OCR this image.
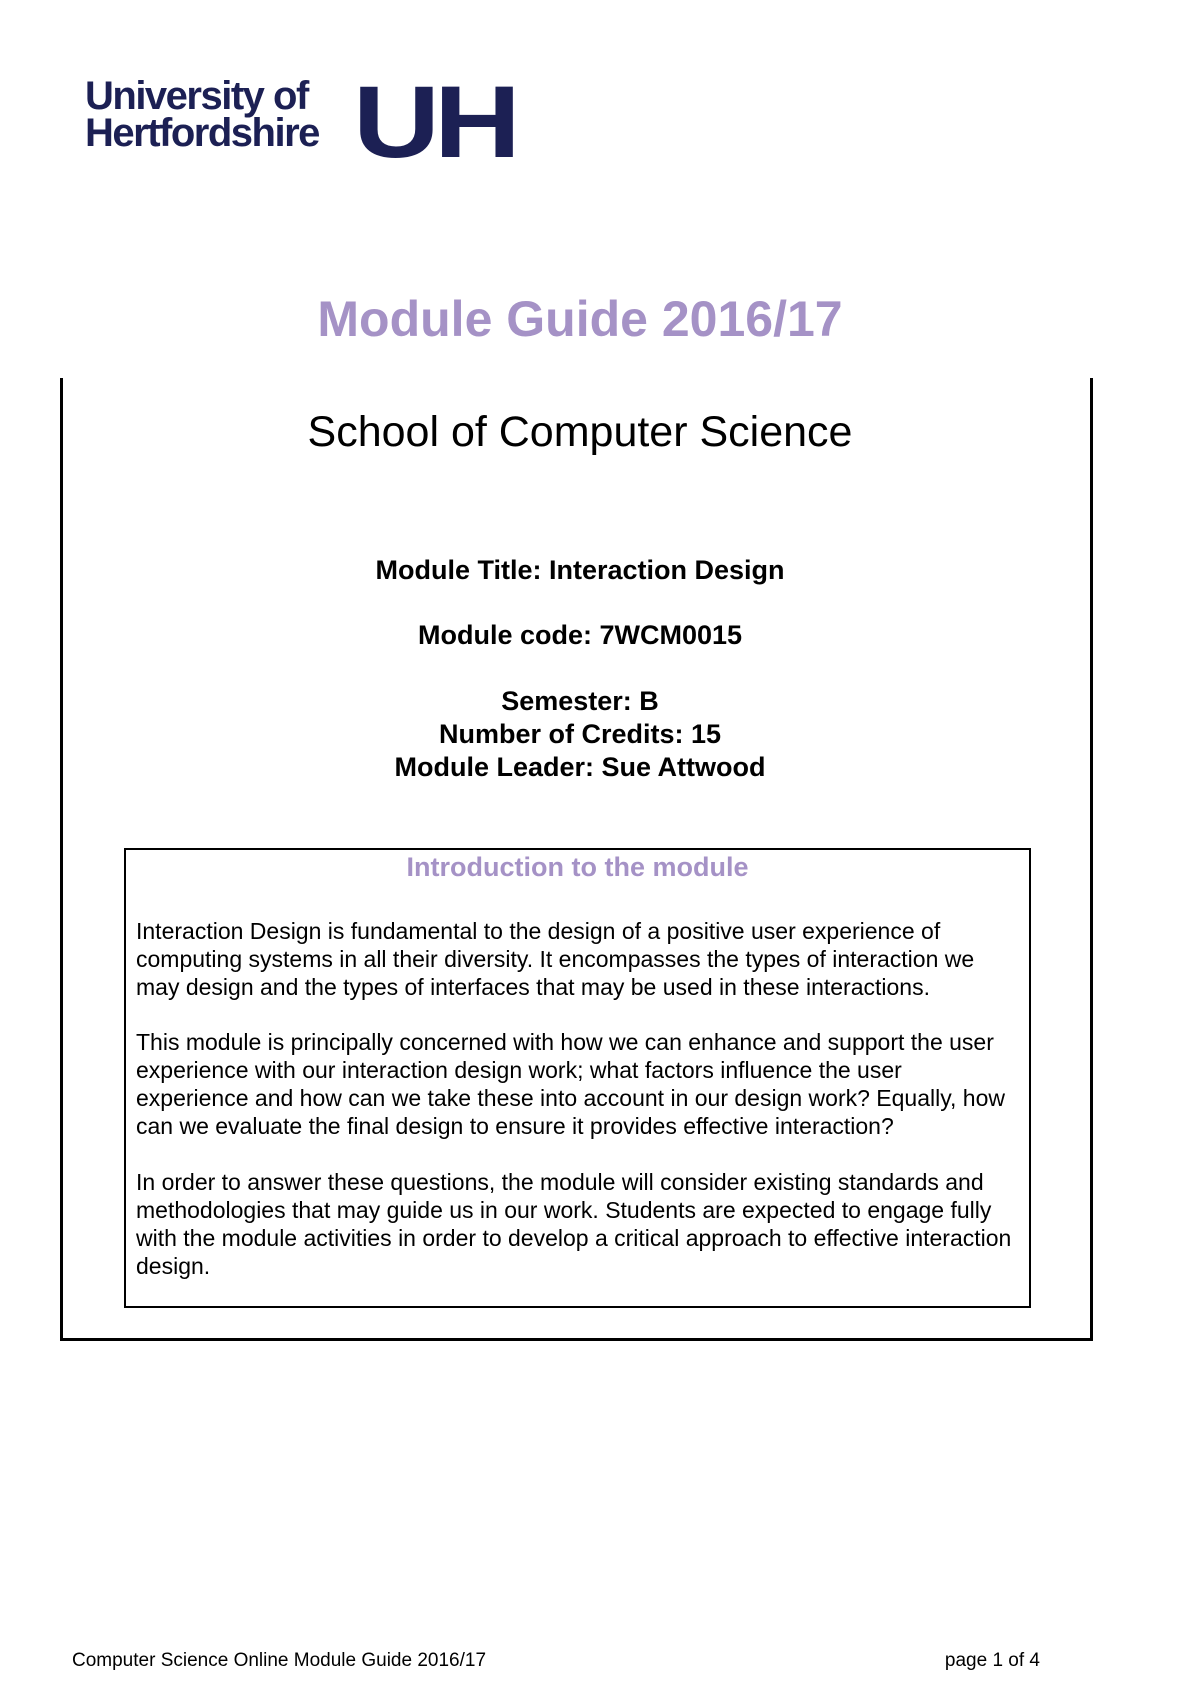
University of
Hertfordshire UH
Module Guide 2016/17
School of Computer Science
Module Title: Interaction Design
Module code: 7WCM0015
Semester: B
Number of Credits: 15
Module Leader: Sue Attwood
Introduction to the module
Interaction Design is fundamental to the design of a positive user experience of computing systems in all their diversity. It encompasses the types of interaction we may design and the types of interfaces that may be used in these interactions.
This module is principally concerned with how we can enhance and support the user experience with our interaction design work; what factors influence the user experience and how can we take these into account in our design work? Equally, how can we evaluate the final design to ensure it provides effective interaction?
In order to answer these questions, the module will consider existing standards and methodologies that may guide us in our work. Students are expected to engage fully with the module activities in order to develop a critical approach to effective interaction design.
Computer Science Online Module Guide 2016/17	page 1 of 4
